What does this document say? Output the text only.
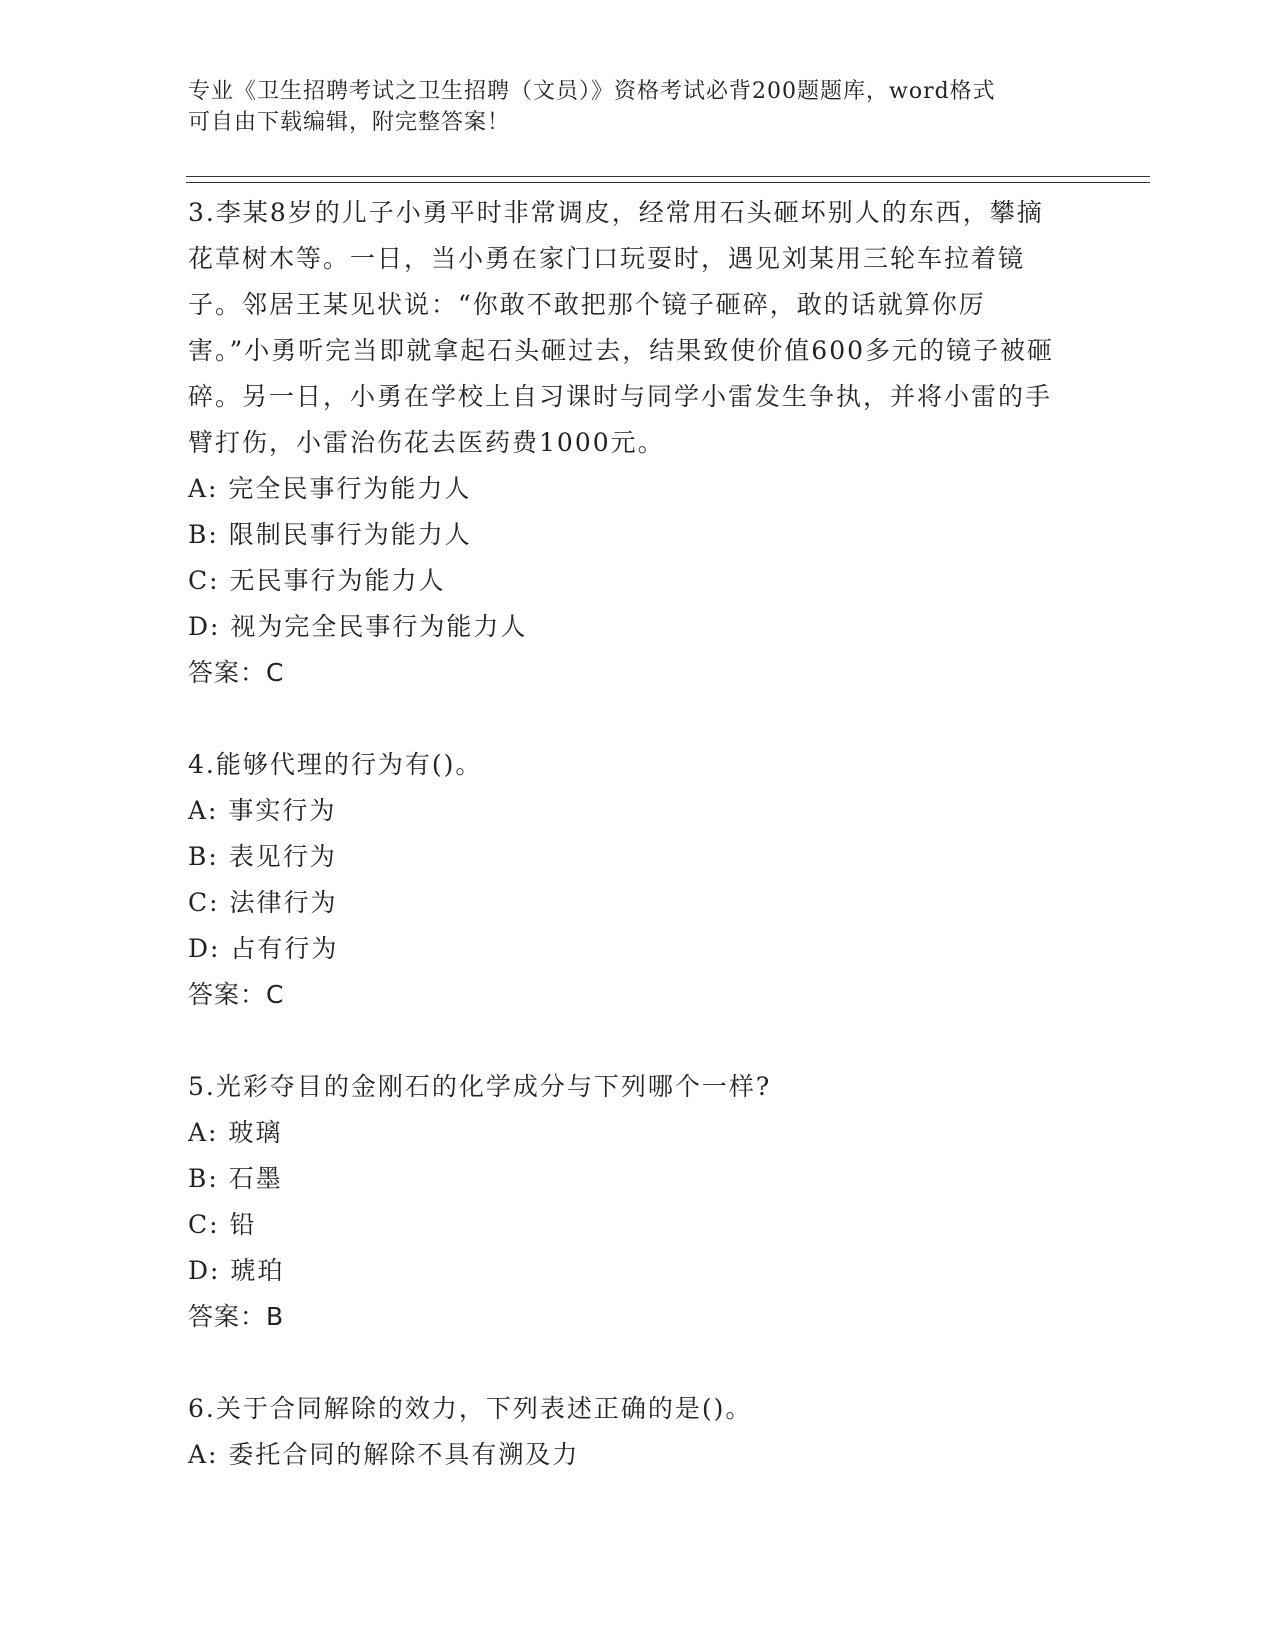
专业《卫生招聘考试之卫生招聘（文员）》资格考试必背200题题库，word格式
可自由下载编辑，附完整答案！
3.李某8岁的儿子小勇平时非常调皮，经常用石头砸坏别人的东西，攀摘花草树木等。一日，当小勇在家门口玩耍时，遇见刘某用三轮车拉着镜子。邻居王某见状说：“你敢不敢把那个镜子砸碎，敢的话就算你厉害。”小勇听完当即就拿起石头砸过去，结果致使价值600多元的镜子被砸碎。另一日，小勇在学校上自习课时与同学小雷发生争执，并将小雷的手臂打伤，小雷治伤花去医药费1000元。
A: 完全民事行为能力人
B: 限制民事行为能力人
C: 无民事行为能力人
D: 视为完全民事行为能力人
答案：C
4.能够代理的行为有()。
A: 事实行为
B: 表见行为
C: 法律行为
D: 占有行为
答案：C
5.光彩夺目的金刚石的化学成分与下列哪个一样?
A: 玻璃
B: 石墨
C: 铅
D: 琥珀
答案：B
6.关于合同解除的效力，下列表述正确的是()。
A: 委托合同的解除不具有溯及力
